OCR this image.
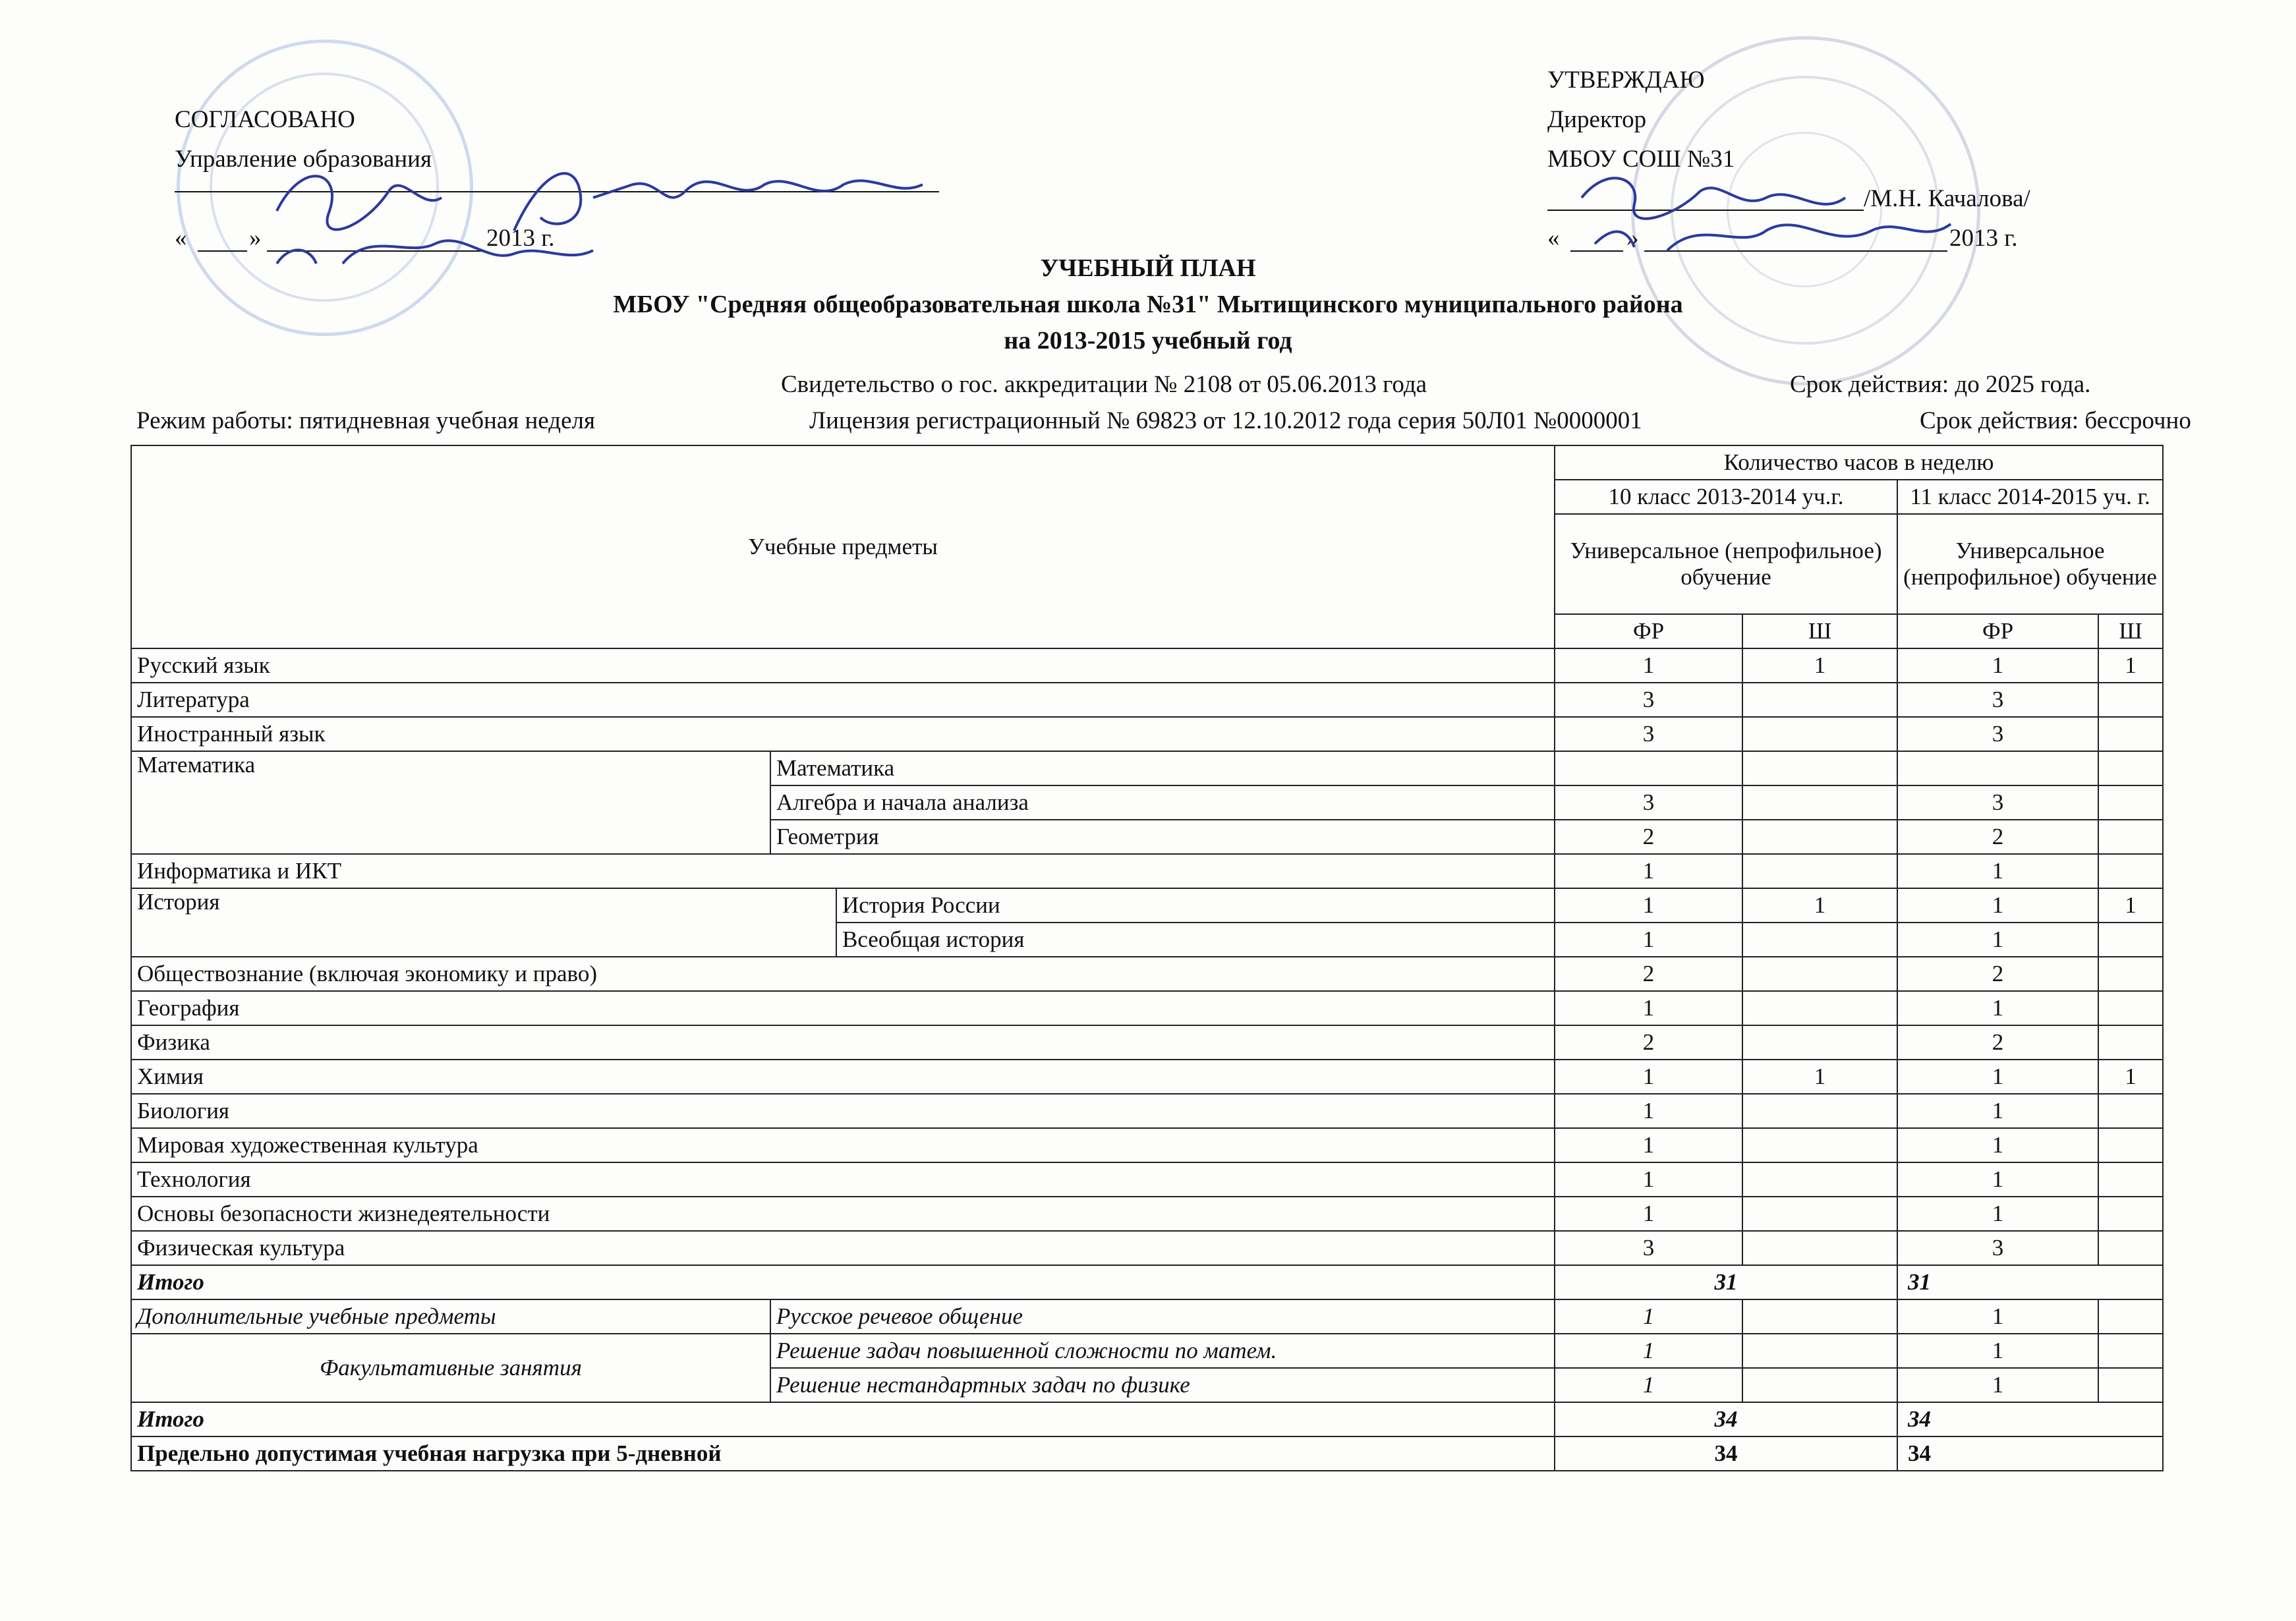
СОГЛАСОВАНО
Управление образования
«	»	2013 г.
УТВЕРЖДАЮ
Директор
МБОУ СОШ №31
/М.Н. Качалова/
«	»	2013 г.
УЧЕБНЫЙ ПЛАН
МБОУ "Средняя общеобразовательная школа №31" Мытищинского муниципального района
на 2013-2015 учебный год
Свидетельство о гос. аккредитации № 2108 от 05.06.2013 года	Срок действия: до 2025 года.
Режим работы: пятидневная учебная неделя	Лицензия регистрационный № 69823 от 12.10.2012 года серия 50Л01 №0000001	Срок действия: бессрочно
Учебные предметы			Количество часов в неделю			
			10 класс 2013-2014 уч.г.		11 класс 2014-2015 уч. г.	
			Универсальное (непрофильное) обучение		Универсальное (непрофильное) обучение	
			ФР	Ш	ФР	Ш
Русский язык			1	1	1	1
Литература			3		3	
Иностранный язык			3		3	
Математика	Математика					
	Алгебра и начала анализа		3		3	
	Геометрия		2		2	
Информатика и ИКТ			1		1	
История		История России	1	1	1	1
		Всеобщая история	1		1	
Обществознание (включая экономику и право)			2		2	
География			1		1	
Физика			2		2	
Химия			1	1	1	1
Биология			1		1	
Мировая художественная культура			1		1	
Технология			1		1	
Основы безопасности жизнедеятельности			1		1	
Физическая культура			3		3	
Итого			31		31	
Дополнительные учебные предметы	Русское речевое общение		1		1	
Факультативные занятия	Решение задач повышенной сложности по матем.		1		1	
	Решение нестандартных задач по физике		1		1	
Итого			34		34	
Предельно допустимая учебная нагрузка при 5-дневной			34		34	
